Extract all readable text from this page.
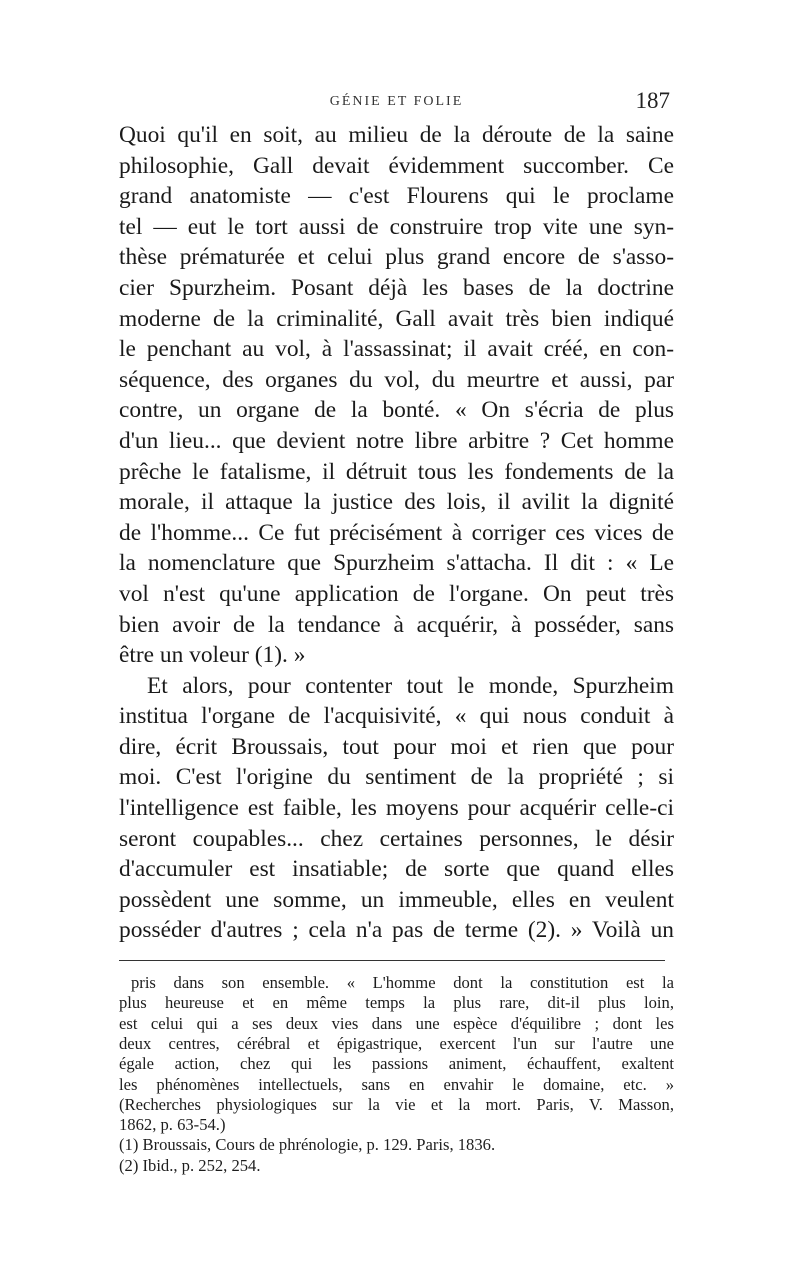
GÉNIE ET FOLIE	187
Quoi qu'il en soit, au milieu de la déroute de la saine
philosophie, Gall devait évidemment succomber. Ce
grand anatomiste — c'est Flourens qui le proclame
tel — eut le tort aussi de construire trop vite une syn-
thèse prématurée et celui plus grand encore de s'asso-
cier Spurzheim. Posant déjà les bases de la doctrine
moderne de la criminalité, Gall avait très bien indiqué
le penchant au vol, à l'assassinat; il avait créé, en con-
séquence, des organes du vol, du meurtre et aussi, par
contre, un organe de la bonté. « On s'écria de plus
d'un lieu... que devient notre libre arbitre ? Cet homme
prêche le fatalisme, il détruit tous les fondements de la
morale, il attaque la justice des lois, il avilit la dignité
de l'homme... Ce fut précisément à corriger ces vices de
la nomenclature que Spurzheim s'attacha. Il dit : « Le
vol n'est qu'une application de l'organe. On peut très
bien avoir de la tendance à acquérir, à posséder, sans
être un voleur (1). »
Et alors, pour contenter tout le monde, Spurzheim
institua l'organe de l'acquisivité, « qui nous conduit à
dire, écrit Broussais, tout pour moi et rien que pour
moi. C'est l'origine du sentiment de la propriété ; si
l'intelligence est faible, les moyens pour acquérir celle-ci
seront coupables... chez certaines personnes, le désir
d'accumuler est insatiable; de sorte que quand elles
possèdent une somme, un immeuble, elles en veulent
posséder d'autres ; cela n'a pas de terme (2). » Voilà un
pris dans son ensemble. « L'homme dont la constitution est la
plus heureuse et en même temps la plus rare, dit-il plus loin,
est celui qui a ses deux vies dans une espèce d'équilibre ; dont les
deux centres, cérébral et épigastrique, exercent l'un sur l'autre une
égale action, chez qui les passions animent, échauffent, exaltent
les phénomènes intellectuels, sans en envahir le domaine, etc. »
(Recherches physiologiques sur la vie et la mort. Paris, V. Masson,
1862, p. 63-54.)
(1) Broussais, Cours de phrénologie, p. 129. Paris, 1836.
(2) Ibid., p. 252, 254.
